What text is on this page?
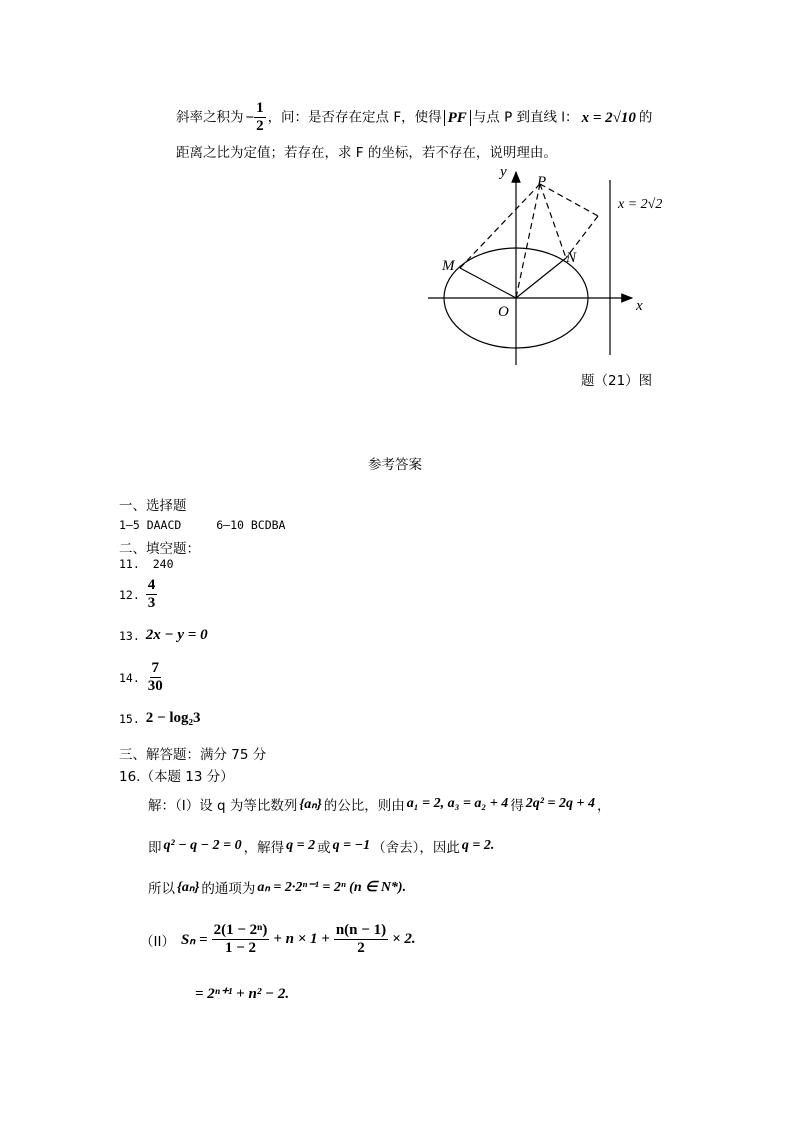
斜率之积为 − $\frac{1}{2}$ ，问：是否存在定点 F，使得 PF 与点 P 到直线 l： x = 2√10 的
距离之比为定值；若存在，求 F 的坐标，若不存在，说明理由。
y
x
O
P
M	N
x = 2√2
题（21）图
参考答案
一、选择题
1—5 DAACD	6—10 BCDBA
二、填空题：
11. 240
12. $\frac{4}{3}$
13. 2x − y = 0
14. $\frac{7}{30}$
15. 2 − log₂3
三、解答题：满分 75 分
16.（本题 13 分）
解：（I）设 q 为等比数列 {aₙ} 的公比，则由 a₁ = 2, a₃ = a₂ + 4 得 2q² = 2q + 4 ，
即 q² − q − 2 = 0 ，解得 q = 2 或 q = −1 （舍去），因此 q = 2.
所以 {aₙ} 的通项为 aₙ = 2·2ⁿ⁻¹ = 2ⁿ (n ∈ N*).
（II） $S_n = \frac{\text{2(1 − 2ⁿ)}}{1 - 2} + n \times 1 + \frac{n(n - 1)}{2} \times 2$.
= 2ⁿ⁺¹ + n² − 2.
